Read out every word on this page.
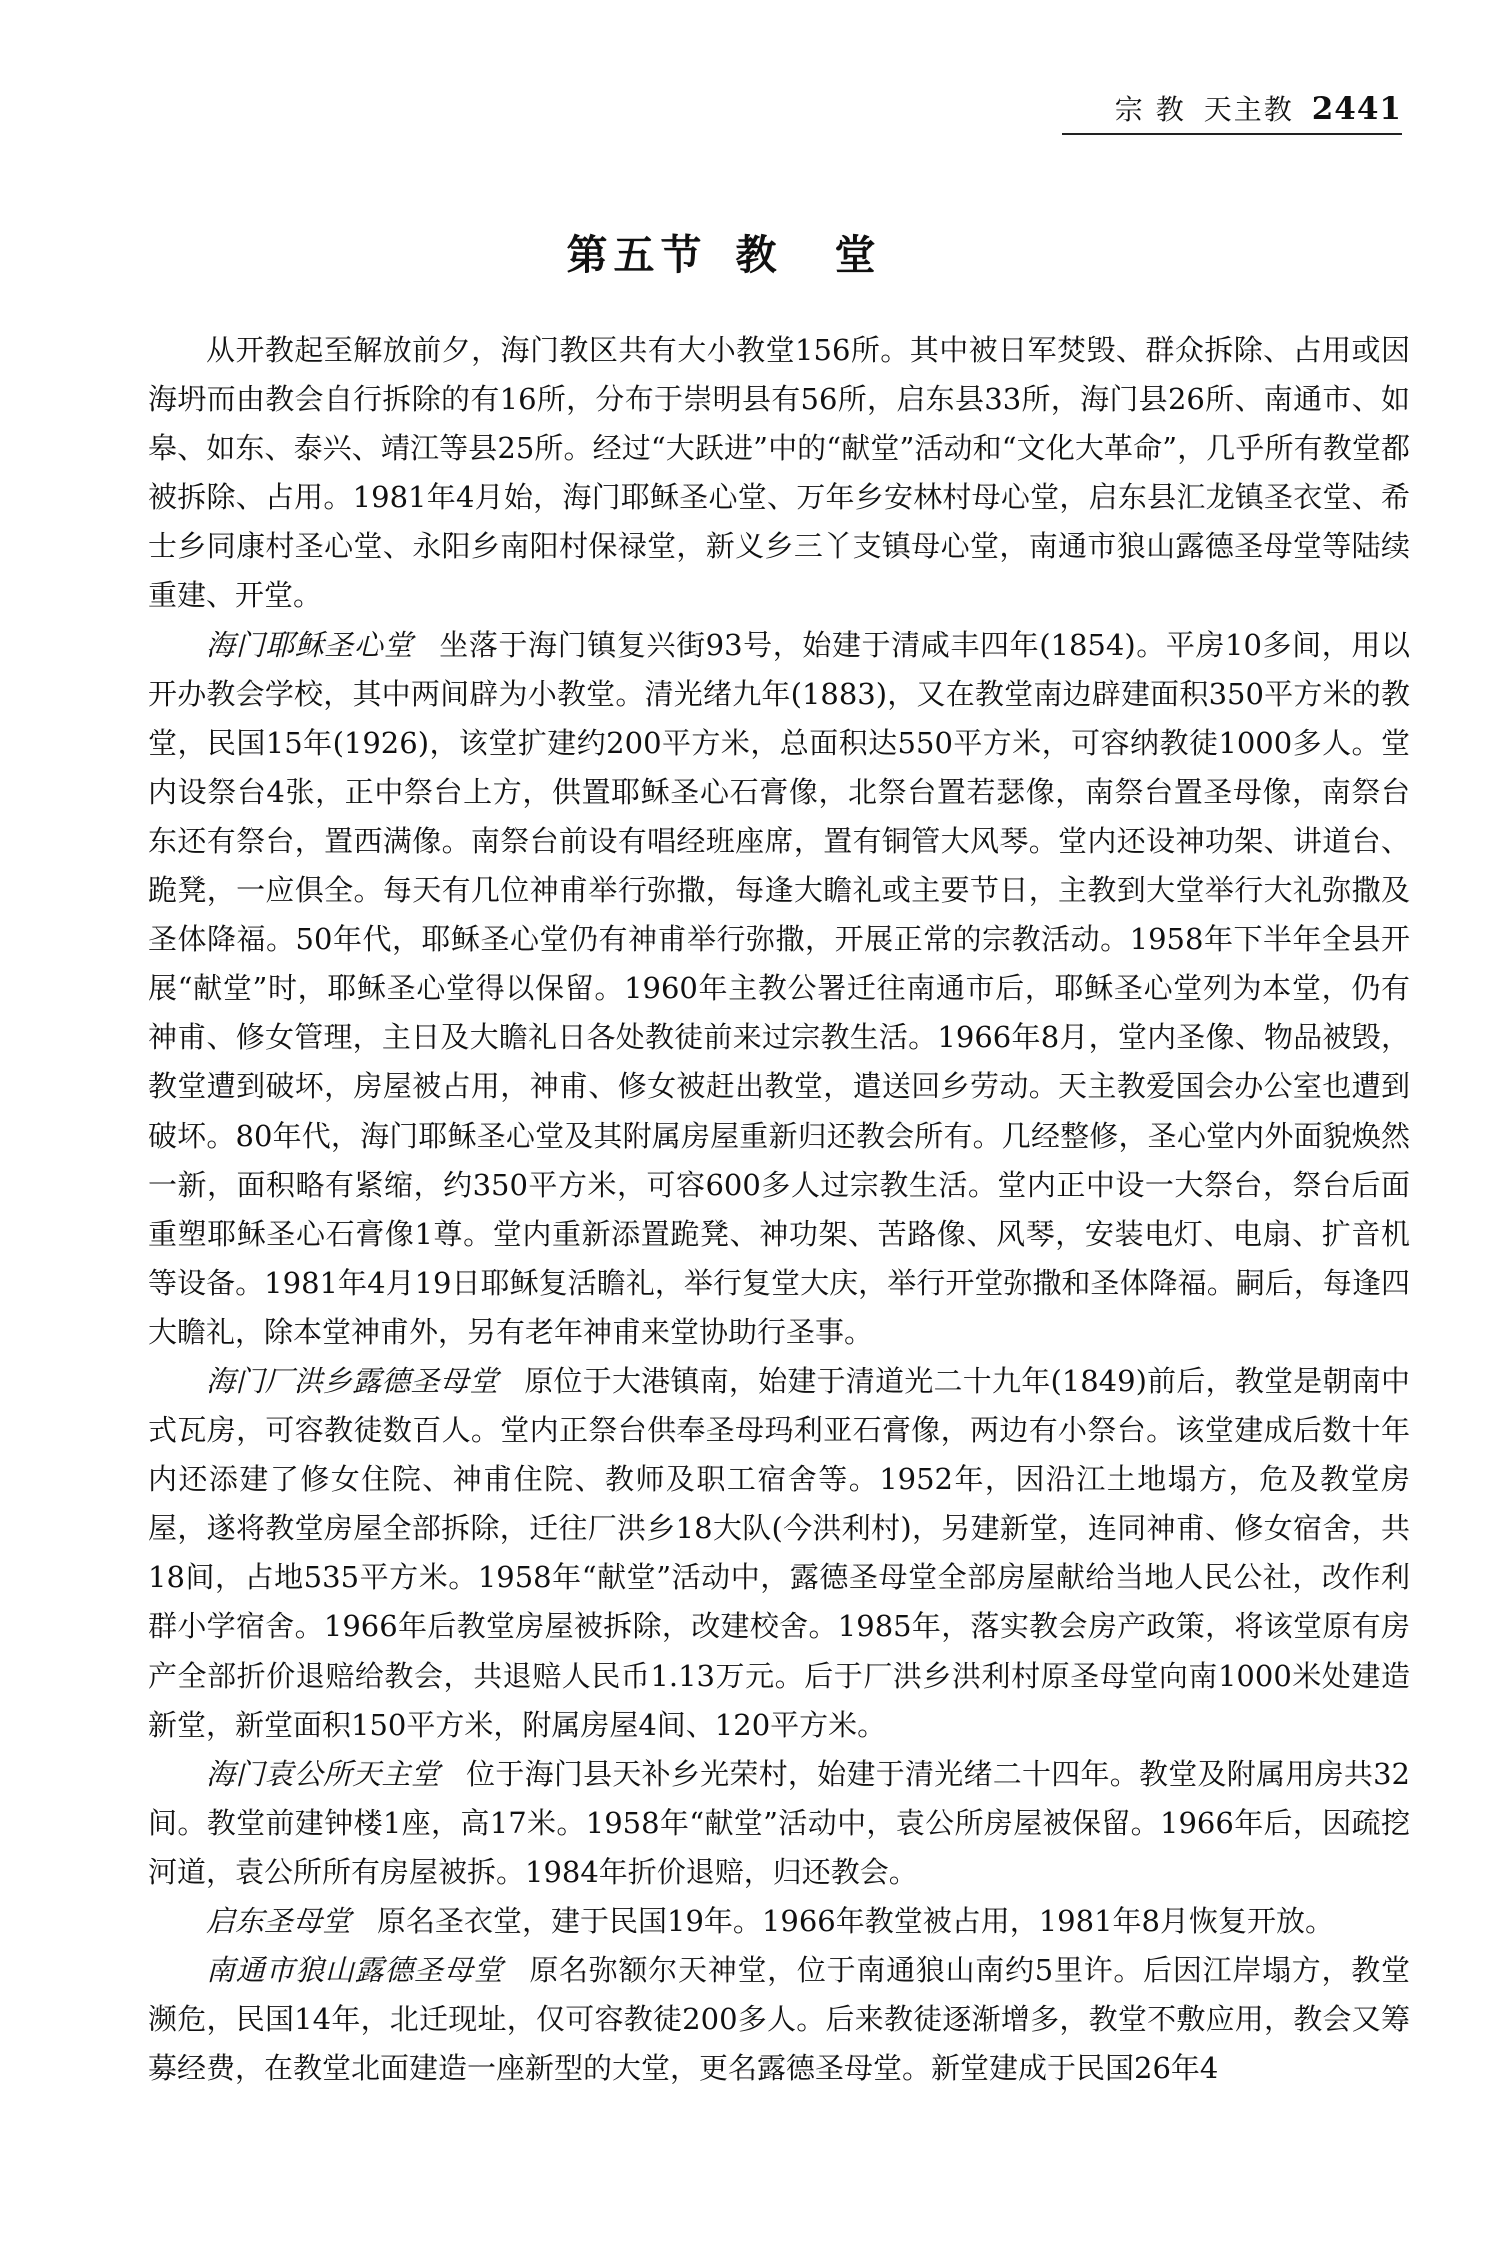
宗 教 天主教 2441
第五节 教堂

从开教起至解放前夕，海门教区共有大小教堂156所。其中被日军焚毁、群众拆除、占用或因海坍而由教会自行拆除的有16所，分布于崇明县有56所，启东县33所，海门县26所、南通市、如皋、如东、泰兴、靖江等县25所。经过“大跃进”中的“献堂”活动和“文化大革命”，几乎所有教堂都被拆除、占用。1981年4月始，海门耶稣圣心堂、万年乡安林村母心堂，启东县汇龙镇圣衣堂、希士乡同康村圣心堂、永阳乡南阳村保禄堂，新义乡三丫支镇母心堂，南通市狼山露德圣母堂等陆续重建、开堂。

海门耶稣圣心堂 坐落于海门镇复兴街93号，始建于清咸丰四年(1854)。平房10多间，用以开办教会学校，其中两间辟为小教堂。清光绪九年(1883)，又在教堂南边辟建面积350平方米的教堂，民国15年(1926)，该堂扩建约200平方米，总面积达550平方米，可容纳教徒1000多人。堂内设祭台4张，正中祭台上方，供置耶稣圣心石膏像，北祭台置若瑟像，南祭台置圣母像，南祭台东还有祭台，置西满像。南祭台前设有唱经班座席，置有铜管大风琴。堂内还设神功架、讲道台、跪凳，一应俱全。每天有几位神甫举行弥撒，每逢大瞻礼或主要节日，主教到大堂举行大礼弥撒及圣体降福。50年代，耶稣圣心堂仍有神甫举行弥撒，开展正常的宗教活动。1958年下半年全县开展“献堂”时，耶稣圣心堂得以保留。1960年主教公署迁往南通市后，耶稣圣心堂列为本堂，仍有神甫、修女管理，主日及大瞻礼日各处教徒前来过宗教生活。1966年8月，堂内圣像、物品被毁，教堂遭到破坏，房屋被占用，神甫、修女被赶出教堂，遣送回乡劳动。天主教爱国会办公室也遭到破坏。80年代，海门耶稣圣心堂及其附属房屋重新归还教会所有。几经整修，圣心堂内外面貌焕然一新，面积略有紧缩，约350平方米，可容600多人过宗教生活。堂内正中设一大祭台，祭台后面重塑耶稣圣心石膏像1尊。堂内重新添置跪凳、神功架、苦路像、风琴，安装电灯、电扇、扩音机等设备。1981年4月19日耶稣复活瞻礼，举行复堂大庆，举行开堂弥撒和圣体降福。嗣后，每逢四大瞻礼，除本堂神甫外，另有老年神甫来堂协助行圣事。

海门厂洪乡露德圣母堂 原位于大港镇南，始建于清道光二十九年(1849)前后，教堂是朝南中式瓦房，可容教徒数百人。堂内正祭台供奉圣母玛利亚石膏像，两边有小祭台。该堂建成后数十年内还添建了修女住院、神甫住院、教师及职工宿舍等。1952年，因沿江土地塌方，危及教堂房屋，遂将教堂房屋全部拆除，迁往厂洪乡18大队(今洪利村)，另建新堂，连同神甫、修女宿舍，共18间，占地535平方米。1958年“献堂”活动中，露德圣母堂全部房屋献给当地人民公社，改作利群小学宿舍。1966年后教堂房屋被拆除，改建校舍。1985年，落实教会房产政策，将该堂原有房产全部折价退赔给教会，共退赔人民币1.13万元。后于厂洪乡洪利村原圣母堂向南1000米处建造新堂，新堂面积150平方米，附属房屋4间、120平方米。

海门袁公所天主堂 位于海门县天补乡光荣村，始建于清光绪二十四年。教堂及附属用房共32间。教堂前建钟楼1座，高17米。1958年“献堂”活动中，袁公所房屋被保留。1966年后，因疏挖河道，袁公所所有房屋被拆。1984年折价退赔，归还教会。

启东圣母堂 原名圣衣堂，建于民国19年。1966年教堂被占用，1981年8月恢复开放。

南通市狼山露德圣母堂 原名弥额尔天神堂，位于南通狼山南约5里许。后因江岸塌方，教堂濒危，民国14年，北迁现址，仅可容教徒200多人。后来教徒逐渐增多，教堂不敷应用，教会又筹募经费，在教堂北面建造一座新型的大堂，更名露德圣母堂。新堂建成于民国26年4
